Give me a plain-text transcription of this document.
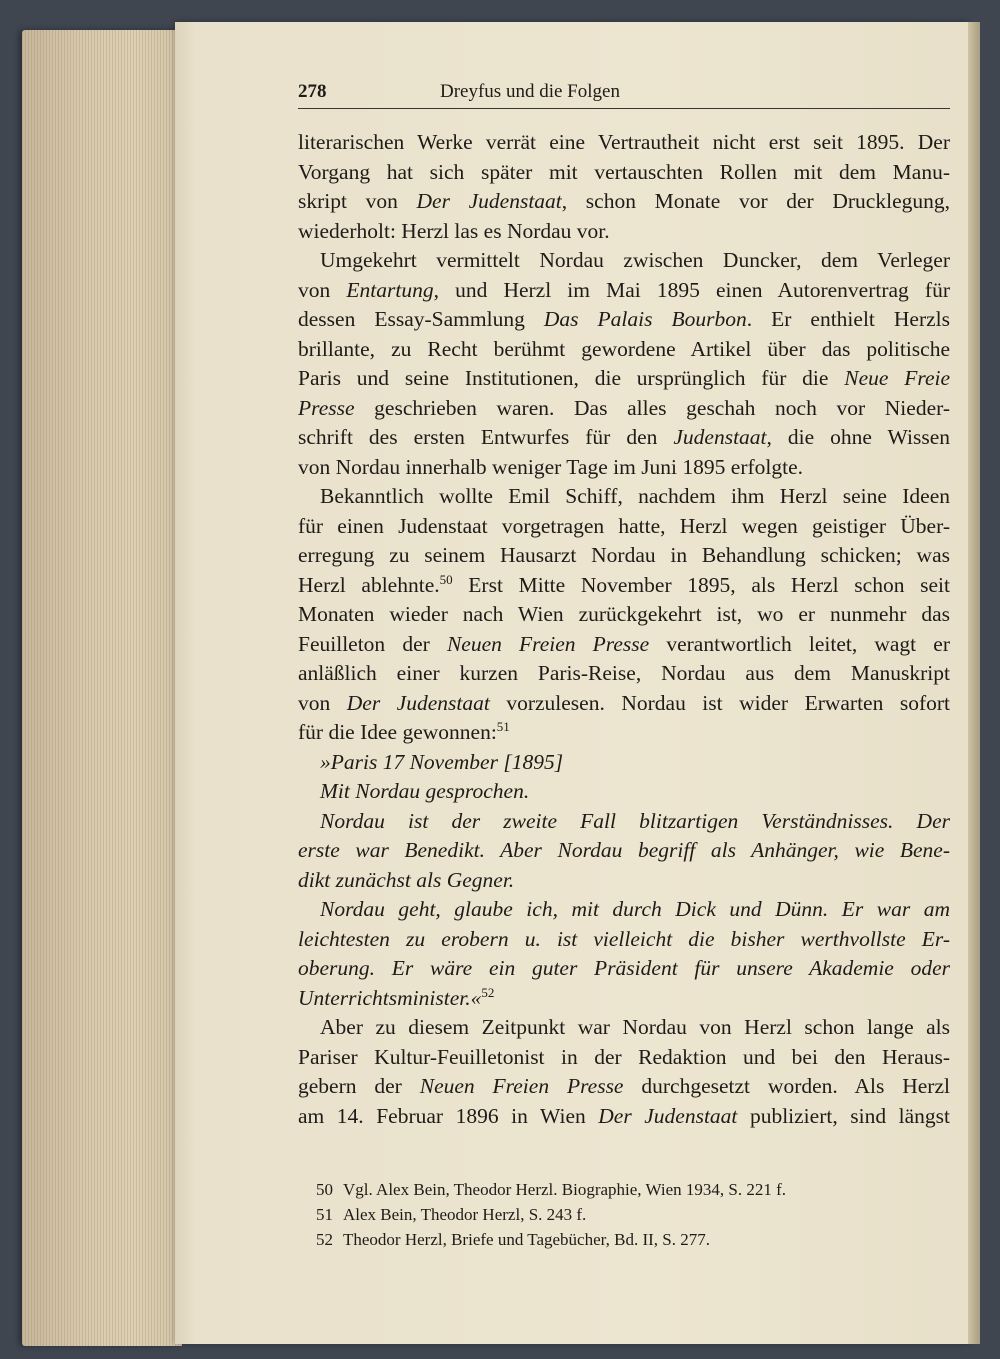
278	Dreyfus und die Folgen
literarischen Werke verrät eine Vertrautheit nicht erst seit 1895. Der
Vorgang hat sich später mit vertauschten Rollen mit dem Manu-
skript von Der Judenstaat, schon Monate vor der Drucklegung,
wiederholt: Herzl las es Nordau vor.
Umgekehrt vermittelt Nordau zwischen Duncker, dem Verleger
von Entartung, und Herzl im Mai 1895 einen Autorenvertrag für
dessen Essay-Sammlung Das Palais Bourbon. Er enthielt Herzls
brillante, zu Recht berühmt gewordene Artikel über das politische
Paris und seine Institutionen, die ursprünglich für die Neue Freie
Presse geschrieben waren. Das alles geschah noch vor Nieder-
schrift des ersten Entwurfes für den Judenstaat, die ohne Wissen
von Nordau innerhalb weniger Tage im Juni 1895 erfolgte.
Bekanntlich wollte Emil Schiff, nachdem ihm Herzl seine Ideen
für einen Judenstaat vorgetragen hatte, Herzl wegen geistiger Über-
erregung zu seinem Hausarzt Nordau in Behandlung schicken; was
Herzl ablehnte.$^{50}$ Erst Mitte November 1895, als Herzl schon seit
Monaten wieder nach Wien zurückgekehrt ist, wo er nunmehr das
Feuilleton der Neuen Freien Presse verantwortlich leitet, wagt er
anläßlich einer kurzen Paris-Reise, Nordau aus dem Manuskript
von Der Judenstaat vorzulesen. Nordau ist wider Erwarten sofort
für die Idee gewonnen:$^{51}$
»Paris 17 November [1895]
Mit Nordau gesprochen.
Nordau ist der zweite Fall blitzartigen Verständnisses. Der
erste war Benedikt. Aber Nordau begriff als Anhänger, wie Bene-
dikt zunächst als Gegner.
Nordau geht, glaube ich, mit durch Dick und Dünn. Er war am
leichtesten zu erobern u. ist vielleicht die bisher werthvollste Er-
oberung. Er wäre ein guter Präsident für unsere Akademie oder
Unterrichtsminister.«$^{52}$
Aber zu diesem Zeitpunkt war Nordau von Herzl schon lange als
Pariser Kultur-Feuilletonist in der Redaktion und bei den Heraus-
gebern der Neuen Freien Presse durchgesetzt worden. Als Herzl
am 14. Februar 1896 in Wien Der Judenstaat publiziert, sind längst
50 Vgl. Alex Bein, Theodor Herzl. Biographie, Wien 1934, S. 221 f.
51 Alex Bein, Theodor Herzl, S. 243 f.
52 Theodor Herzl, Briefe und Tagebücher, Bd. II, S. 277.
